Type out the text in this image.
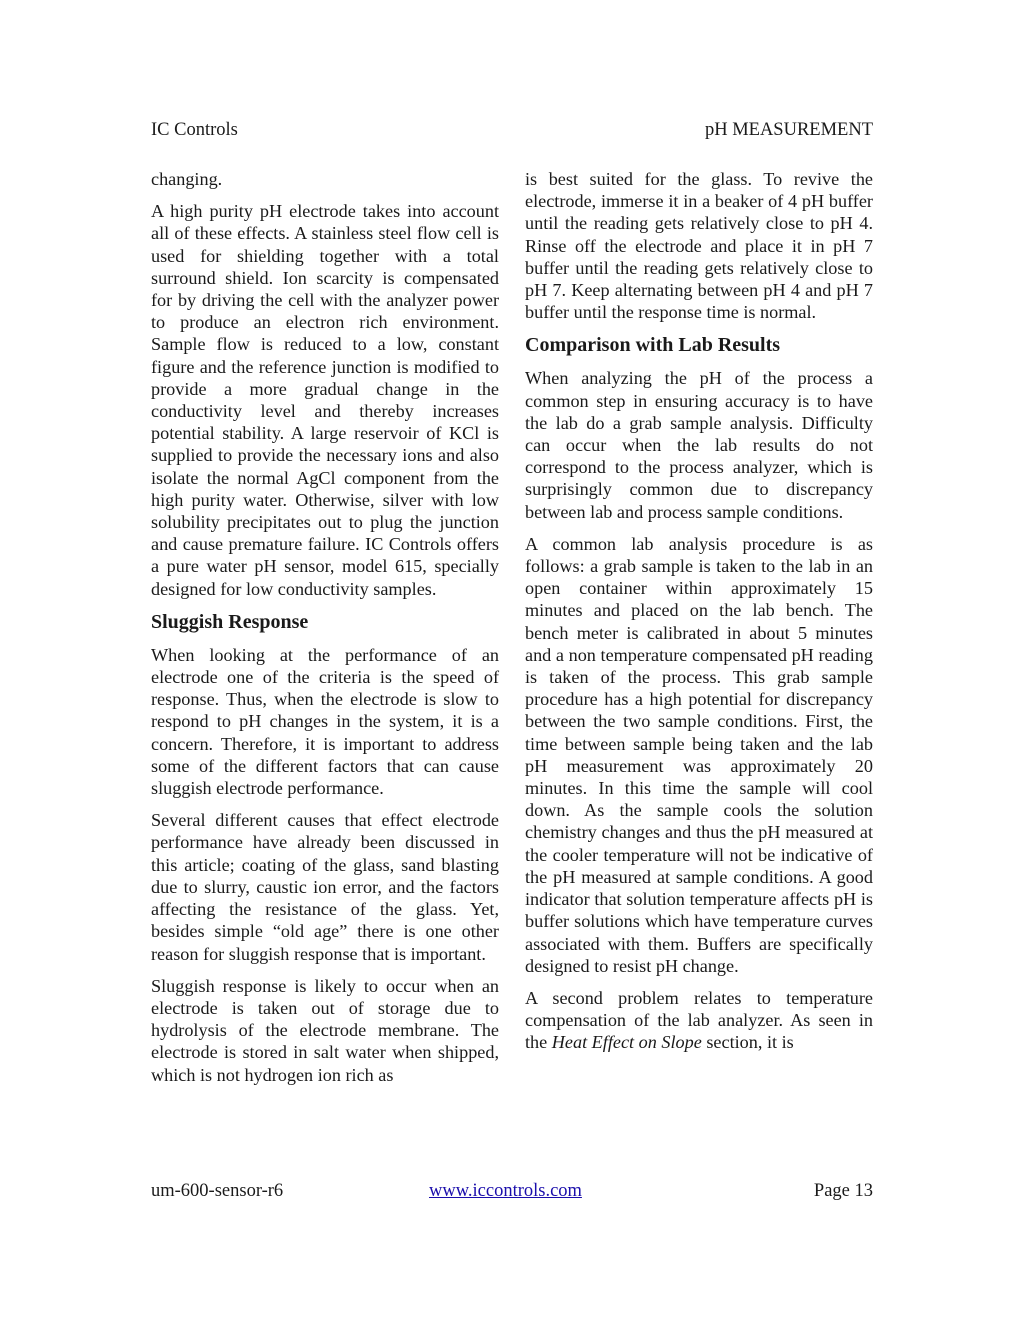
IC Controls	pH MEASUREMENT

changing.

A high purity pH electrode takes into account all of these effects. A stainless steel flow cell is used for shielding together with a total surround shield. Ion scarcity is compensated for by driving the cell with the analyzer power to produce an electron rich environment. Sample flow is reduced to a low, constant figure and the reference junction is modified to provide a more gradual change in the conductivity level and thereby increases potential stability. A large reservoir of KCl is supplied to provide the necessary ions and also isolate the normal AgCl component from the high purity water. Otherwise, silver with low solubility precipitates out to plug the junction and cause premature failure. IC Controls offers a pure water pH sensor, model 615, specially designed for low conductivity samples.

Sluggish Response

When looking at the performance of an electrode one of the criteria is the speed of response. Thus, when the electrode is slow to respond to pH changes in the system, it is a concern. Therefore, it is important to address some of the different factors that can cause sluggish electrode performance.

Several different causes that effect electrode performance have already been discussed in this article; coating of the glass, sand blasting due to slurry, caustic ion error, and the factors affecting the resistance of the glass. Yet, besides simple “old age” there is one other reason for sluggish response that is important.

Sluggish response is likely to occur when an electrode is taken out of storage due to hydrolysis of the electrode membrane. The electrode is stored in salt water when shipped, which is not hydrogen ion rich as

is best suited for the glass. To revive the electrode, immerse it in a beaker of 4 pH buffer until the reading gets relatively close to pH 4. Rinse off the electrode and place it in pH 7 buffer until the reading gets relatively close to pH 7. Keep alternating between pH 4 and pH 7 buffer until the response time is normal.

Comparison with Lab Results

When analyzing the pH of the process a common step in ensuring accuracy is to have the lab do a grab sample analysis. Difficulty can occur when the lab results do not correspond to the process analyzer, which is surprisingly common due to discrepancy between lab and process sample conditions.

A common lab analysis procedure is as follows: a grab sample is taken to the lab in an open container within approximately 15 minutes and placed on the lab bench. The bench meter is calibrated in about 5 minutes and a non temperature compensated pH reading is taken of the process. This grab sample procedure has a high potential for discrepancy between the two sample conditions. First, the time between sample being taken and the lab pH measurement was approximately 20 minutes. In this time the sample will cool down. As the sample cools the solution chemistry changes and thus the pH measured at the cooler temperature will not be indicative of the pH measured at sample conditions. A good indicator that solution temperature affects pH is buffer solutions which have temperature curves associated with them. Buffers are specifically designed to resist pH change.

A second problem relates to temperature compensation of the lab analyzer. As seen in the Heat Effect on Slope section, it is

um-600-sensor-r6	www.iccontrols.com	Page 13
